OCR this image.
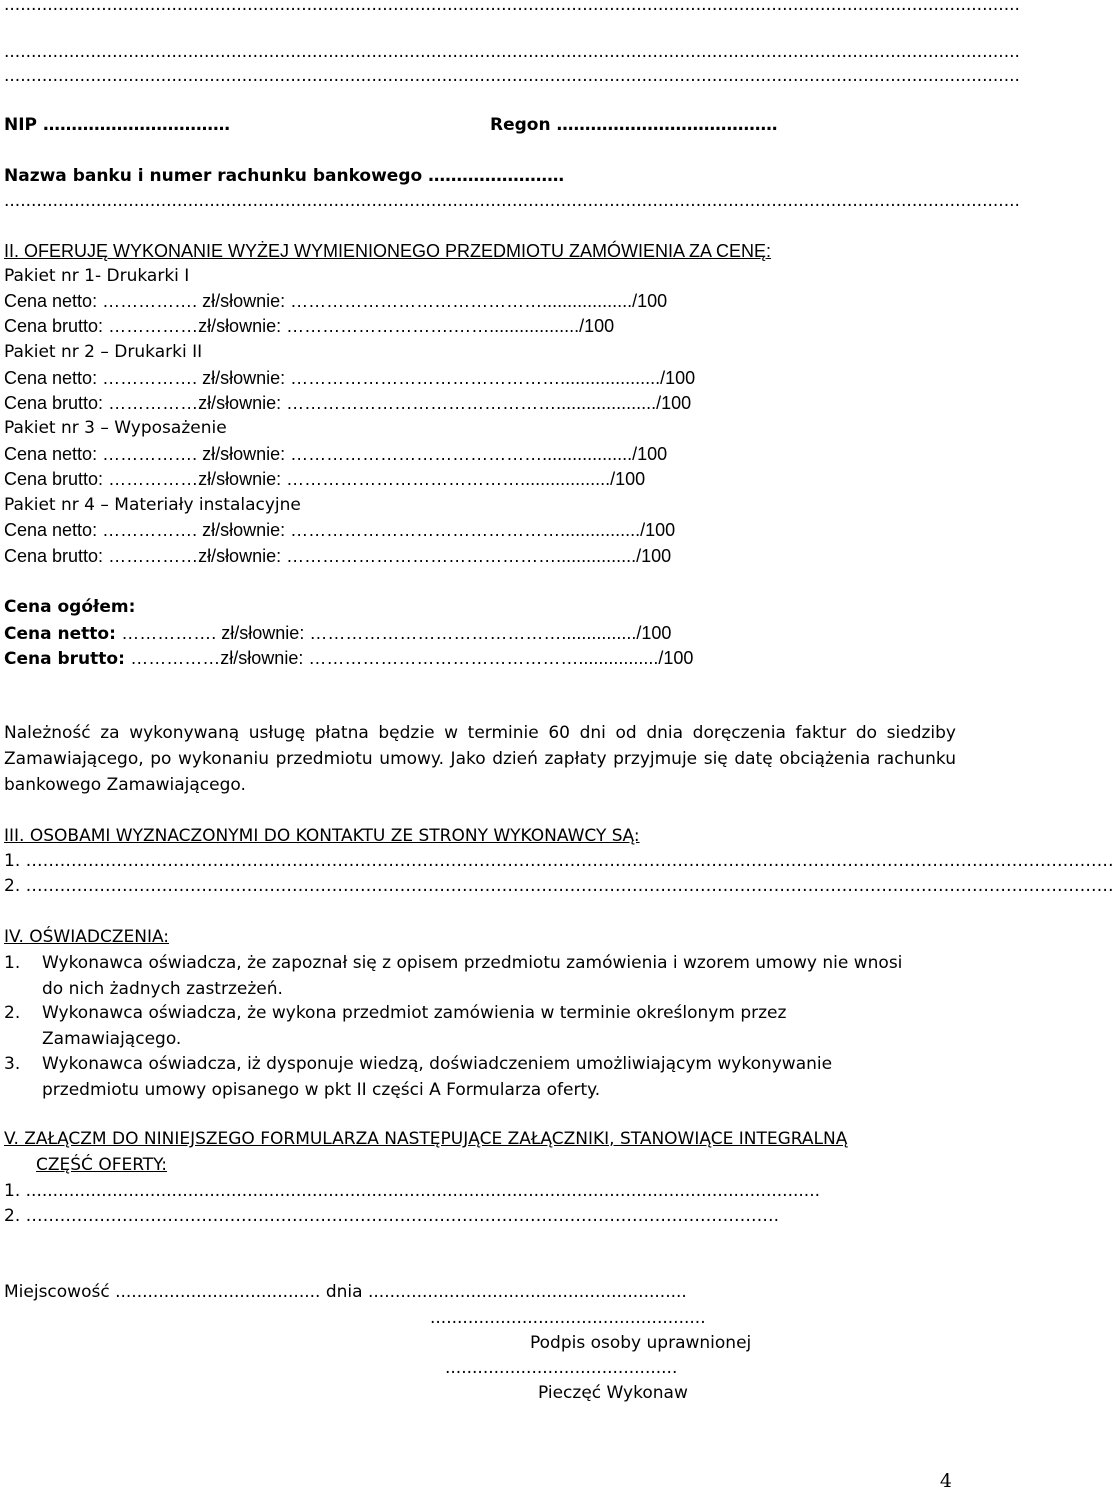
............................................................................................................................................................................................
............................................................................................................................................................................................
............................................................................................................................................................................................
NIP ……………………………	Regon …………………………………
Nazwa banku i numer rachunku bankowego ……………………
............................................................................................................................................................................................
II. OFERUJĘ WYKONANIE WYŻEJ WYMIENIONEGO PRZEDMIOTU ZAMÓWIENIA ZA CENĘ:
Pakiet nr 1- Drukarki I
Cena netto: ……………. zł/słownie: ……………………………………................../100
Cena brutto: ……………zł/słownie: ……………………….……................../100
Pakiet nr 2 – Drukarki II
Cena netto: ……………. zł/słownie: ………………………………………..................../100
Cena brutto: ……………zł/słownie: ………………………………………..................../100
Pakiet nr 3 – Wyposażenie
Cena netto: ……………. zł/słownie: ……………………………………................../100
Cena brutto: ……………zł/słownie: …………………………………................../100
Pakiet nr 4 – Materiały instalacyjne
Cena netto: ……………. zł/słownie: ………………………………………................/100
Cena brutto: ……………zł/słownie: ………………………………………................/100
Cena ogółem:
Cena netto: ……………. zł/słownie: …………………………………….............../100
Cena brutto: ……………zł/słownie: ………………………………………................/100
Należność za wykonywaną usługę płatna będzie w terminie 60 dni od dnia doręczenia faktur do siedziby Zamawiającego, po wykonaniu przedmiotu umowy. Jako dzień zapłaty przyjmuje się datę obciążenia rachunku bankowego Zamawiającego.
III. OSOBAMI WYZNACZONYMI DO KONTAKTU ZE STRONY WYKONAWCY SĄ:
1. …………………………………………………………………………………………………………………………………………………………………………
2. …………………………………………………………………………………………………………………………………………………………………………
IV. OŚWIADCZENIA:
1. Wykonawca oświadcza, że zapoznał się z opisem przedmiotu zamówienia i wzorem umowy nie wnosi do nich żadnych zastrzeżeń.
2. Wykonawca oświadcza, że wykona przedmiot zamówienia w terminie określonym przez Zamawiającego.
3. Wykonawca oświadcza, iż dysponuje wiedzą, doświadczeniem umożliwiającym wykonywanie przedmiotu umowy opisanego w pkt II części A Formularza oferty.
V. ZAŁĄCZM DO NINIEJSZEGO FORMULARZA NASTĘPUJĄCE ZAŁĄCZNIKI, STANOWIĄCE INTEGRALNĄ
CZĘŚĆ OFERTY:
1. ...................................................................................................................................................
2. …………………………………………………………………………………………………………………….
Miejscowość ...................................... dnia ...........................................................
...................................................
Podpis osoby uprawnionej
...........................................
Pieczęć Wykonaw
4
